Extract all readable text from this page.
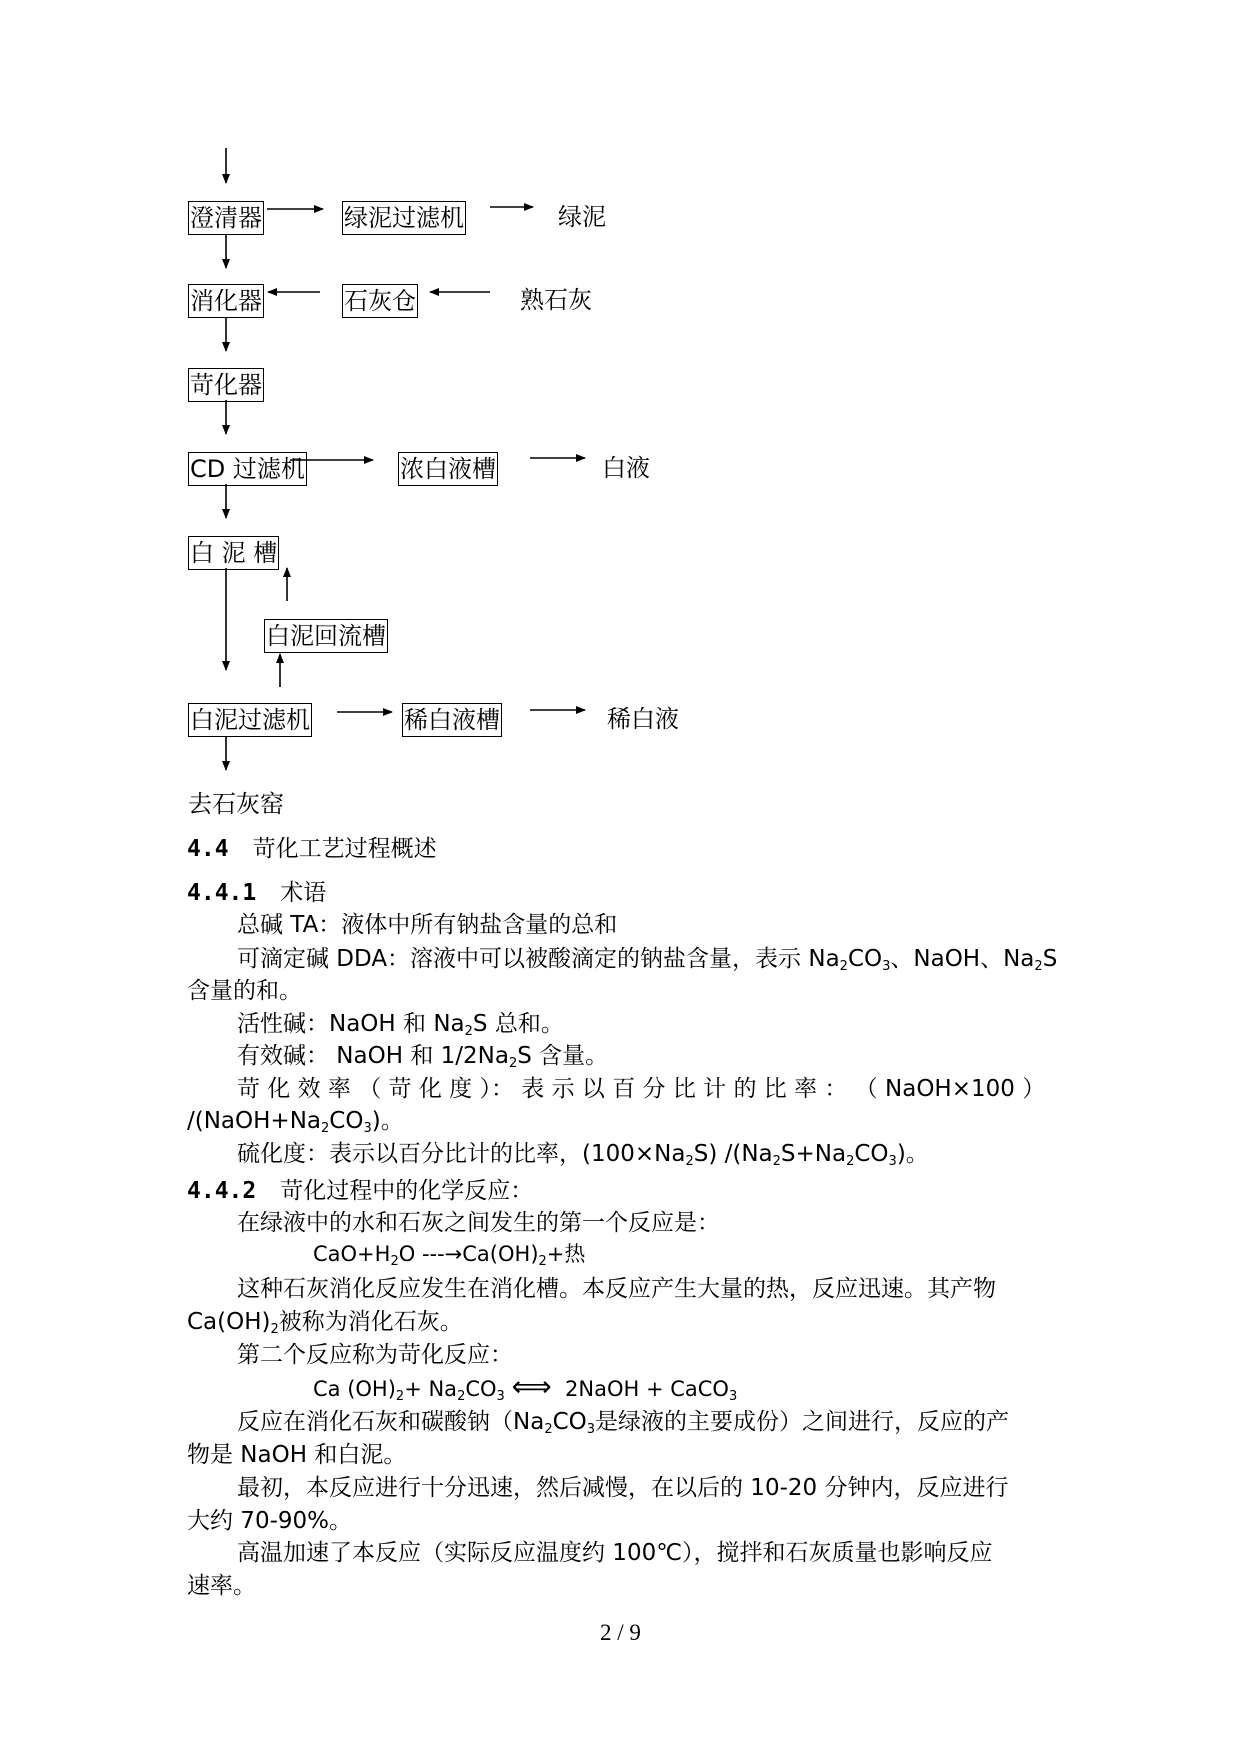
澄清器	绿泥过滤机	绿泥
消化器	石灰仓	熟石灰
苛化器
CD 过滤机	浓白液槽	白液
白 泥 槽
白泥回流槽
白泥过滤机	稀白液槽	稀白液
去石灰窑
4.4 苛化工艺过程概述
4.4.1 术语
总碱 TA：液体中所有钠盐含量的总和
可滴定碱 DDA：溶液中可以被酸滴定的钠盐含量，表示 $Na_2CO_3$、NaOH、$Na_2S$
含量的和。
活性碱：NaOH 和 $Na_2S$ 总和。
有效碱： NaOH 和 $1/2Na_2S$ 含量。
苛 化 效 率 （ 苛 化 度 ）： 表 示 以 百 分 比 计 的 比 率 ： （ NaOH×100 ）
$/(NaOH+Na_2CO_3)$。
硫化度：表示以百分比计的比率，$(100\times Na_2S)$ $/(Na_2S+Na_2CO_3)$。
4.4.2 苛化过程中的化学反应：
在绿液中的水和石灰之间发生的第一个反应是：
$CaO+H_2O$ $---\to Ca(OH)_2+$热
这种石灰消化反应发生在消化槽。本反应产生大量的热，反应迅速。其产物
$Ca(OH)_2$被称为消化石灰。
第二个反应称为苛化反应：
Ca $(OH)_2+ Na_2CO_3$ ⟺ 2NaOH + CaCO$_3$
反应在消化石灰和碳酸钠（$Na_2CO_3$是绿液的主要成份）之间进行，反应的产
物是 NaOH 和白泥。
最初，本反应进行十分迅速，然后减慢，在以后的 10-20 分钟内，反应进行
大约 70-90%。
高温加速了本反应（实际反应温度约 100℃），搅拌和石灰质量也影响反应
速率。
2 / 9
